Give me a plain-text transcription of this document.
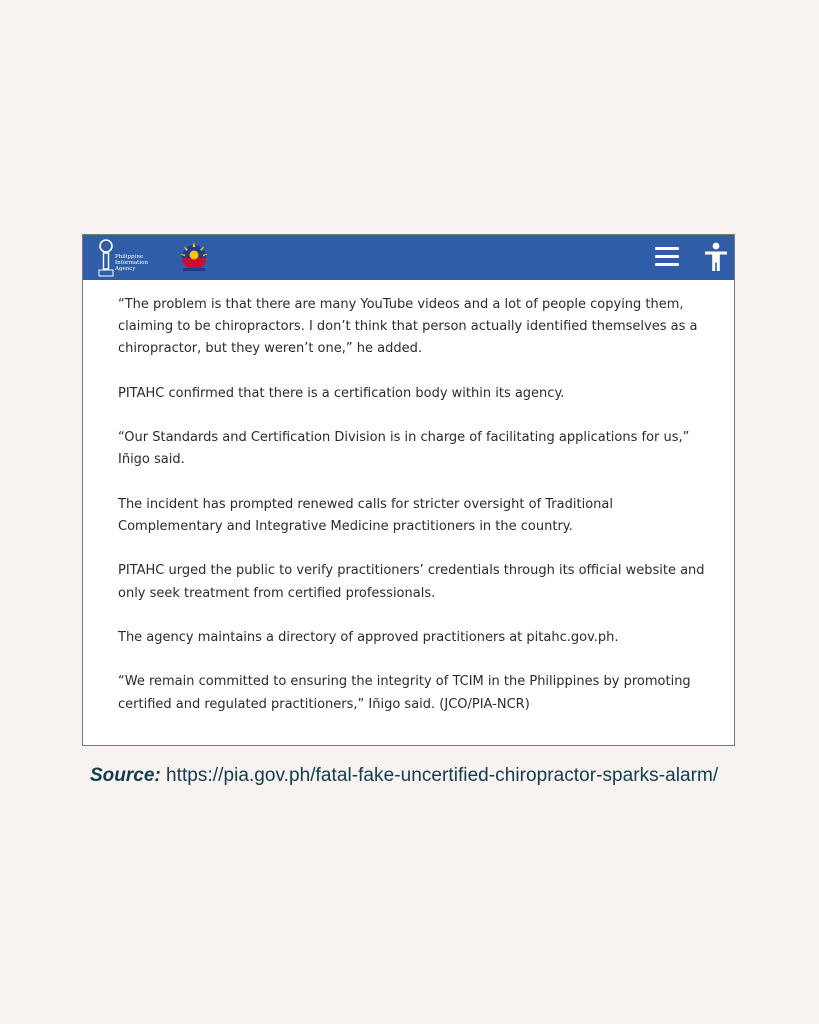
Philippine
Information
Agency

“The problem is that there are many YouTube videos and a lot of people copying them,
claiming to be chiropractors. I don’t think that person actually identified themselves as a
chiropractor, but they weren’t one,” he added.

PITAHC confirmed that there is a certification body within its agency.

“Our Standards and Certification Division is in charge of facilitating applications for us,”
Iñigo said.

The incident has prompted renewed calls for stricter oversight of Traditional
Complementary and Integrative Medicine practitioners in the country.

PITAHC urged the public to verify practitioners’ credentials through its official website and
only seek treatment from certified professionals.

The agency maintains a directory of approved practitioners at pitahc.gov.ph.

“We remain committed to ensuring the integrity of TCIM in the Philippines by promoting
certified and regulated practitioners,” Iñigo said. (JCO/PIA-NCR)

Source: https://pia.gov.ph/fatal-fake-uncertified-chiropractor-sparks-alarm/
